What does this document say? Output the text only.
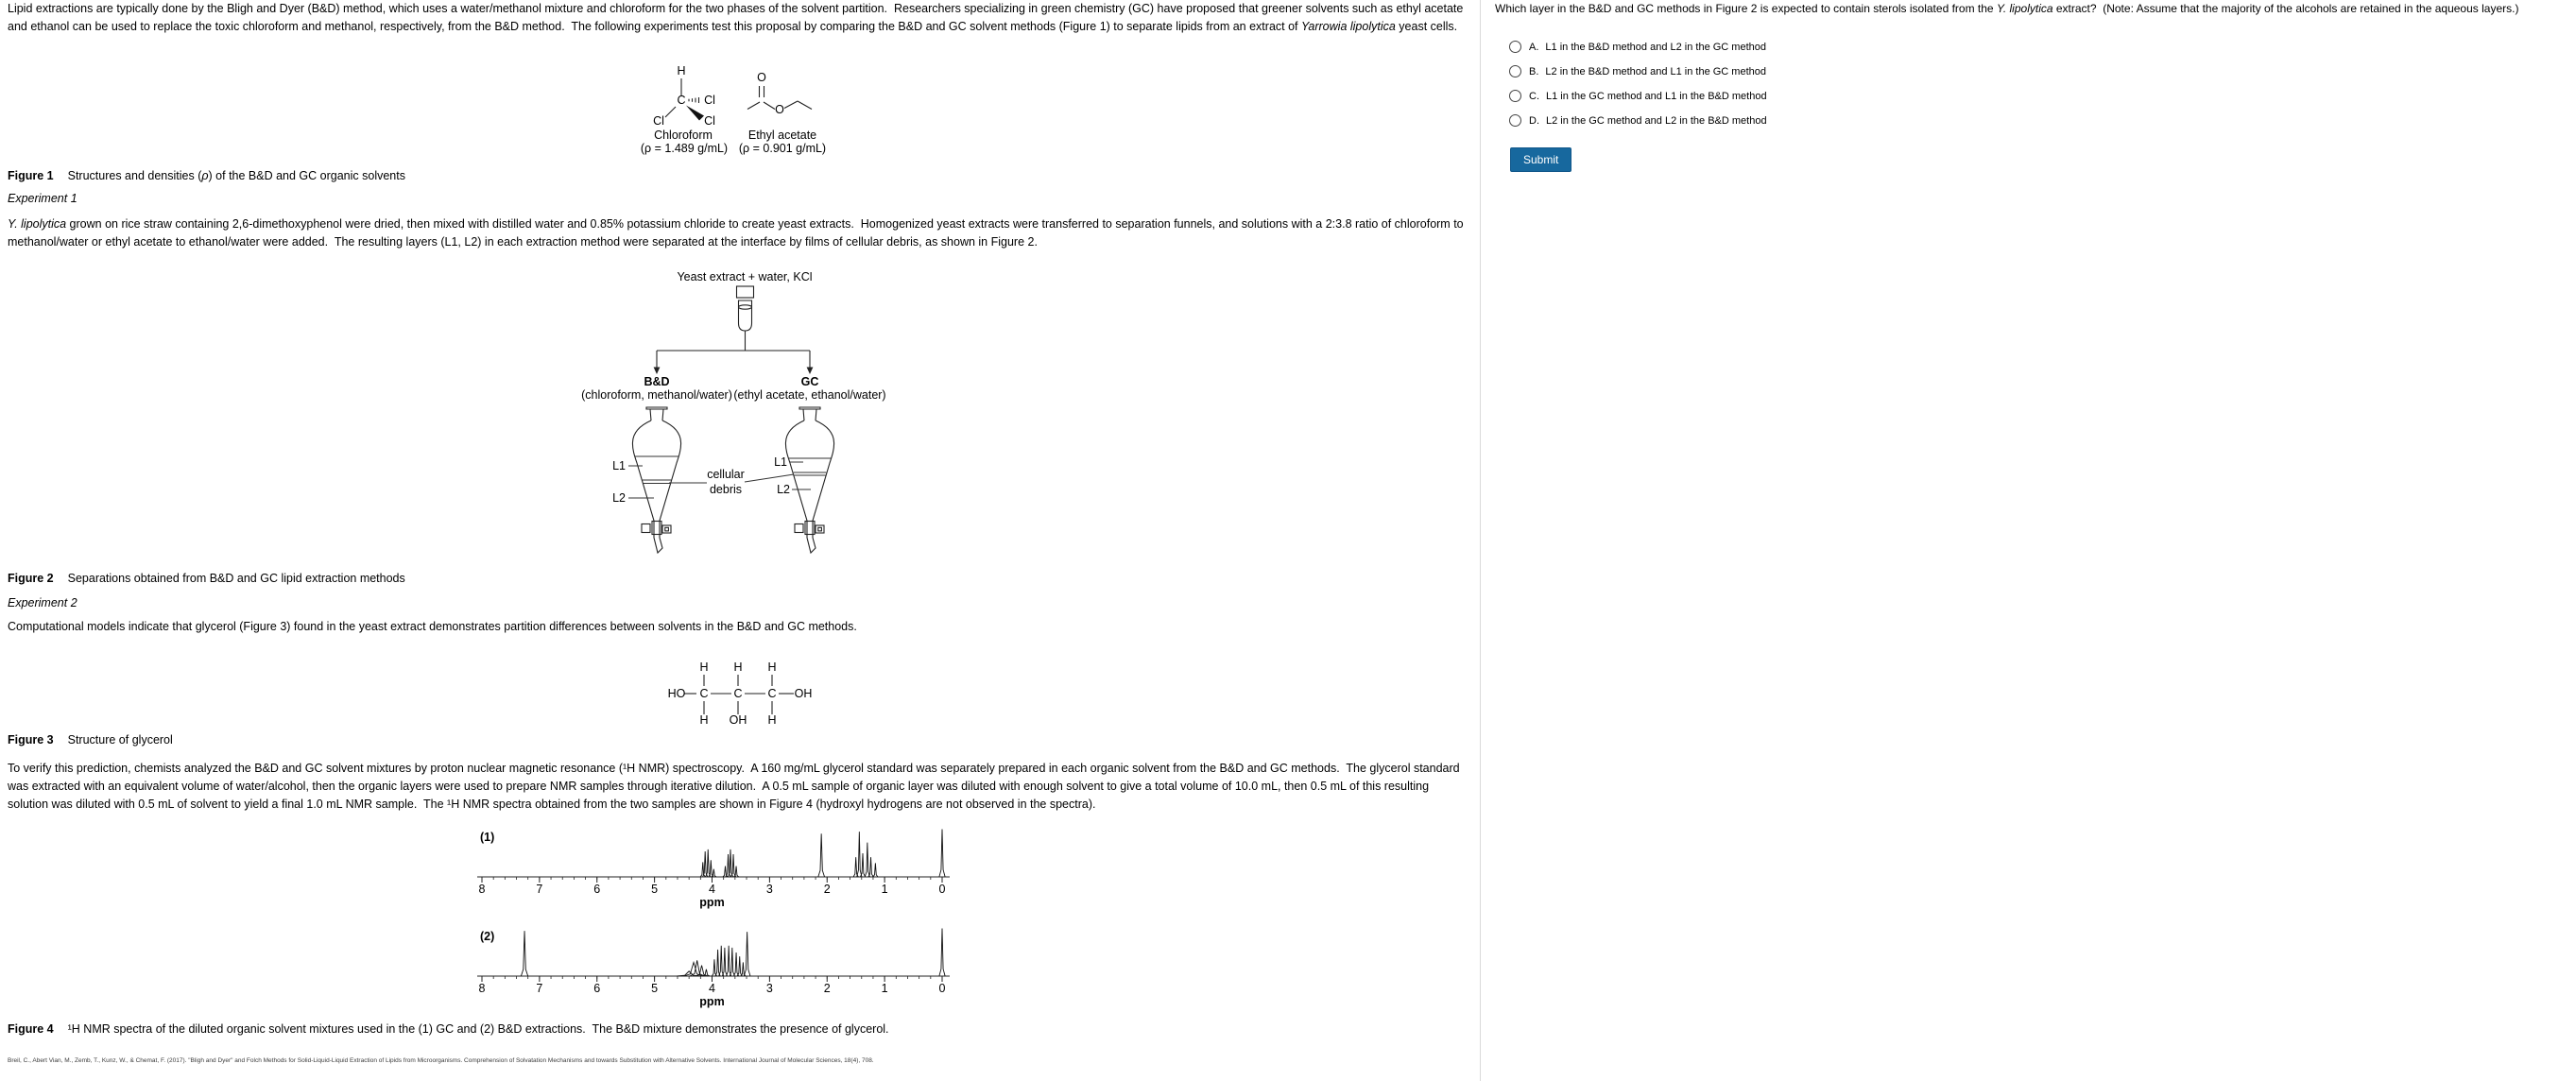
Lipid extractions are typically done by the Bligh and Dyer (B&D) method, which uses a water/methanol mixture and chloroform for the two phases of the solvent partition.  Researchers specializing in green chemistry (GC) have proposed that greener solvents such as ethyl acetate and ethanol can be used to replace the toxic chloroform and methanol, respectively, from the B&D method.  The following experiments test this proposal by comparing the B&D and GC solvent methods (Figure 1) to separate lipids from an extract of Yarrowia lipolytica yeast cells.

H
C Cl
Cl	Cl
Chloroform
(ρ = 1.489 g/mL)
O
O
Ethyl acetate
(ρ = 0.901 g/mL)

Figure 1 Structures and densities (ρ) of the B&D and GC organic solvents

Experiment 1

Y. lipolytica grown on rice straw containing 2,6-dimethoxyphenol were dried, then mixed with distilled water and 0.85% potassium chloride to create yeast extracts.  Homogenized yeast extracts were transferred to separation funnels, and solutions with a 2:3.8 ratio of chloroform to methanol/water or ethyl acetate to ethanol/water were added.  The resulting layers (L1, L2) in each extraction method were separated at the interface by films of cellular debris, as shown in Figure 2.

Yeast extract + water, KCl
B&D
(chloroform, methanol/water)
GC
(ethyl acetate, ethanol/water)
L1
L2
L1
L2
cellular
debris

Figure 2 Separations obtained from B&D and GC lipid extraction methods

Experiment 2

Computational models indicate that glycerol (Figure 3) found in the yeast extract demonstrates partition differences between solvents in the B&D and GC methods.

H H H
HO C C C OH
H OH H

Figure 3 Structure of glycerol

To verify this prediction, chemists analyzed the B&D and GC solvent mixtures by proton nuclear magnetic resonance (¹H NMR) spectroscopy.  A 160 mg/mL glycerol standard was separately prepared in each organic solvent from the B&D and GC methods.  The glycerol standard was extracted with an equivalent volume of water/alcohol, then the organic layers were used to prepare NMR samples through iterative dilution.  A 0.5 mL sample of organic layer was diluted with enough solvent to give a total volume of 10.0 mL, then 0.5 mL of this resulting solution was diluted with 0.5 mL of solvent to yield a final 1.0 mL NMR sample.  The ¹H NMR spectra obtained from the two samples are shown in Figure 4 (hydroxyl hydrogens are not observed in the spectra).

(1)
8	7	6	5	4	3	2	1	0
ppm
(2)
8	7	6	5	4	3	2	1	0
ppm

Figure 4 ¹H NMR spectra of the diluted organic solvent mixtures used in the (1) GC and (2) B&D extractions.  The B&D mixture demonstrates the presence of glycerol.

Breil, C., Abert Vian, M., Zemb, T., Kunz, W., & Chemat, F. (2017). "Bligh and Dyer" and Folch Methods for Solid-Liquid-Liquid Extraction of Lipids from Microorganisms. Comprehension of Solvatation Mechanisms and towards Substitution with Alternative Solvents. International Journal of Molecular Sciences, 18(4), 708.

Which layer in the B&D and GC methods in Figure 2 is expected to contain sterols isolated from the Y. lipolytica extract?  (Note: Assume that the majority of the alcohols are retained in the aqueous layers.)

A. L1 in the B&D method and L2 in the GC method
B. L2 in the B&D method and L1 in the GC method
C. L1 in the GC method and L1 in the B&D method
D. L2 in the GC method and L2 in the B&D method
Submit
